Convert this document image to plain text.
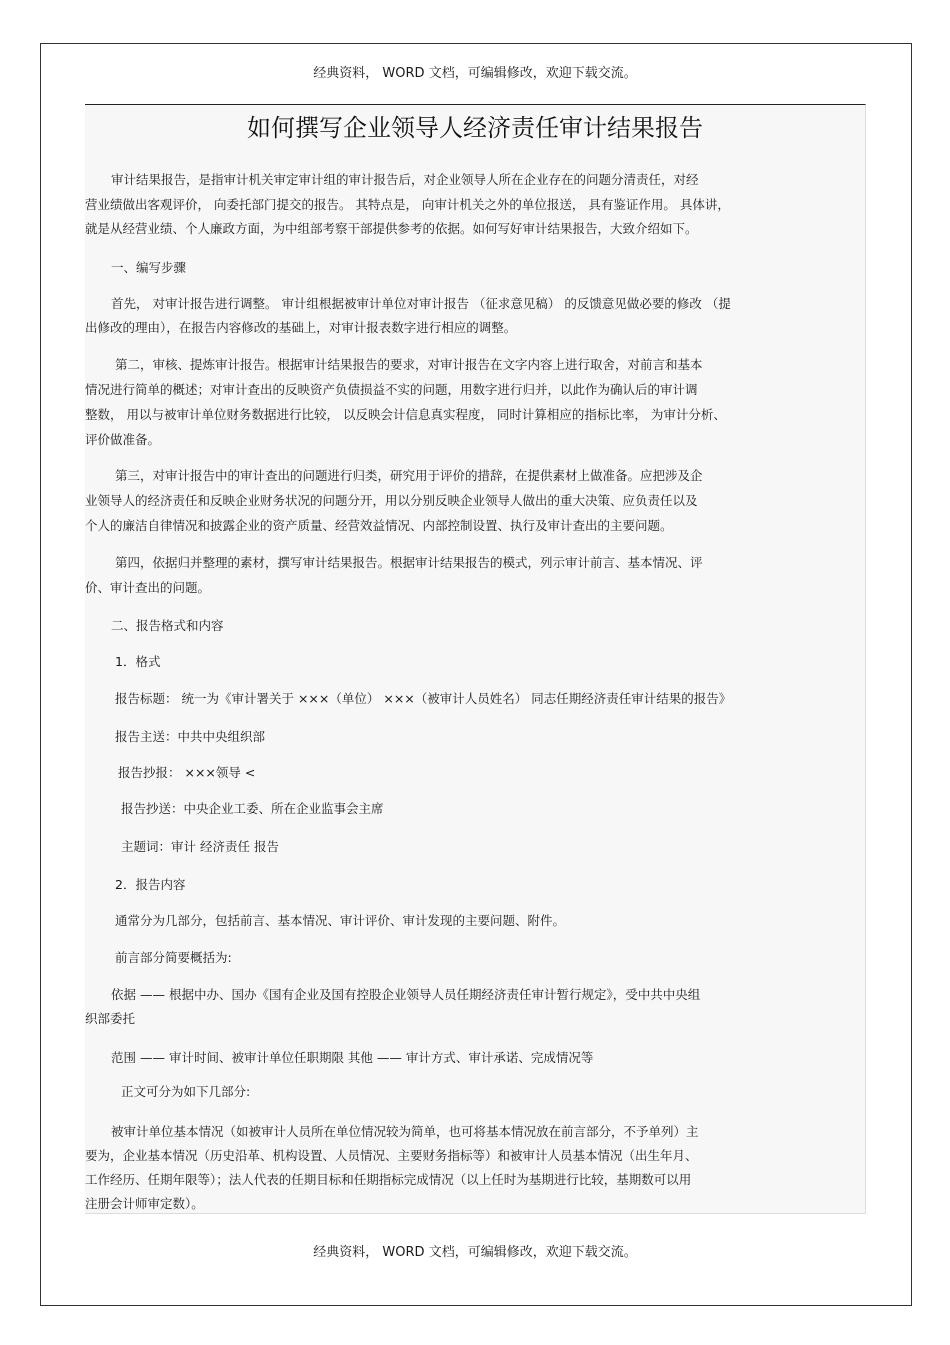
经典资料， WORD 文档，可编辑修改，欢迎下载交流。
如何撰写企业领导人经济责任审计结果报告
审计结果报告，是指审计机关审定审计组的审计报告后，对企业领导人所在企业存在的问题分清责任，对经
营业绩做出客观评价， 向委托部门提交的报告。 其特点是， 向审计机关之外的单位报送， 具有鉴证作用。 具体讲，
就是从经营业绩、个人廉政方面，为中组部考察干部提供参考的依据。如何写好审计结果报告，大致介绍如下。
一、编写步骤
首先， 对审计报告进行调整。 审计组根据被审计单位对审计报告 （征求意见稿） 的反馈意见做必要的修改 （提
出修改的理由），在报告内容修改的基础上，对审计报表数字进行相应的调整。
第二，审核、提炼审计报告。根据审计结果报告的要求，对审计报告在文字内容上进行取舍，对前言和基本
情况进行简单的概述；对审计查出的反映资产负债损益不实的问题，用数字进行归并，以此作为确认后的审计调
整数， 用以与被审计单位财务数据进行比较， 以反映会计信息真实程度， 同时计算相应的指标比率， 为审计分析、
评价做准备。
第三，对审计报告中的审计查出的问题进行归类，研究用于评价的措辞，在提供素材上做准备。应把涉及企
业领导人的经济责任和反映企业财务状况的问题分开，用以分别反映企业领导人做出的重大决策、应负责任以及
个人的廉洁自律情况和披露企业的资产质量、经营效益情况、内部控制设置、执行及审计查出的主要问题。
第四，依据归并整理的素材，撰写审计结果报告。根据审计结果报告的模式，列示审计前言、基本情况、评
价、审计查出的问题。
二、报告格式和内容
1．格式
报告标题： 统一为《审计署关于 ×××（单位） ×××（被审计人员姓名） 同志任期经济责任审计结果的报告》
报告主送：中共中央组织部
报告抄报： ×××领导 <
报告抄送：中央企业工委、所在企业监事会主席
主题词：审计 经济责任 报告
2．报告内容
通常分为几部分，包括前言、基本情况、审计评价、审计发现的主要问题、附件。
前言部分简要概括为:
依据 —— 根据中办、国办《国有企业及国有控股企业领导人员任期经济责任审计暂行规定》，受中共中央组
织部委托
范围 —— 审计时间、被审计单位任职期限 其他 —— 审计方式、审计承诺、完成情况等
正文可分为如下几部分:
被审计单位基本情况（如被审计人员所在单位情况较为简单，也可将基本情况放在前言部分，不予单列）主
要为，企业基本情况（历史沿革、机构设置、人员情况、主要财务指标等）和被审计人员基本情况（出生年月、
工作经历、任期年限等）；法人代表的任期目标和任期指标完成情况（以上任时为基期进行比较，基期数可以用
注册会计师审定数）。
经典资料， WORD 文档，可编辑修改，欢迎下载交流。
